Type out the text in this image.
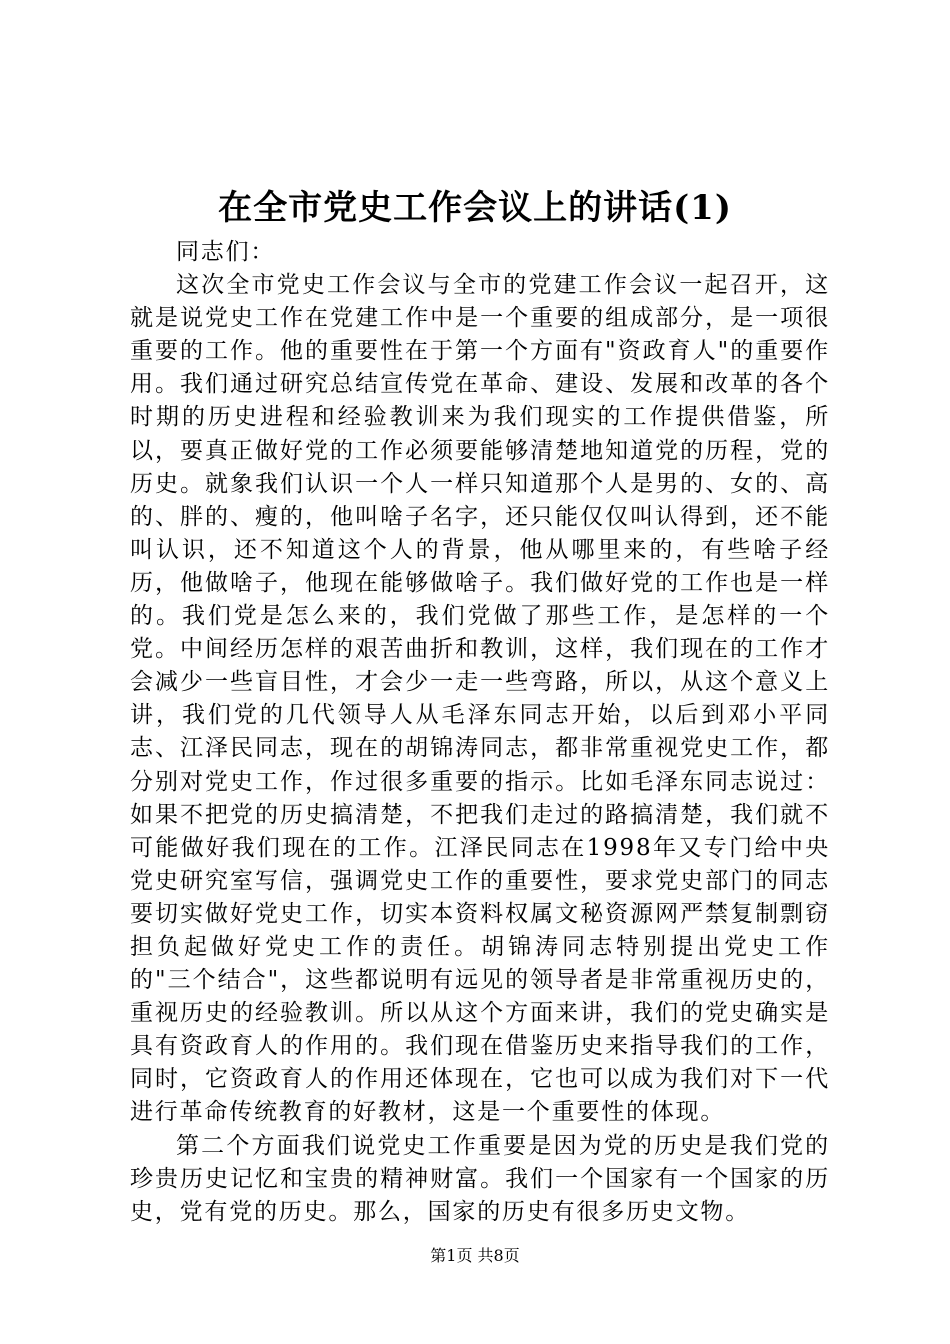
在全市党史工作会议上的讲话(1)

同志们：

这次全市党史工作会议与全市的党建工作会议一起召开，这就是说党史工作在党建工作中是一个重要的组成部分，是一项很重要的工作。他的重要性在于第一个方面有"资政育人"的重要作用。我们通过研究总结宣传党在革命、建设、发展和改革的各个时期的历史进程和经验教训来为我们现实的工作提供借鉴，所以，要真正做好党的工作必须要能够清楚地知道党的历程，党的历史。就象我们认识一个人一样只知道那个人是男的、女的、高的、胖的、瘦的，他叫啥子名字，还只能仅仅叫认得到，还不能叫认识，还不知道这个人的背景，他从哪里来的，有些啥子经历，他做啥子，他现在能够做啥子。我们做好党的工作也是一样的。我们党是怎么来的，我们党做了那些工作，是怎样的一个党。中间经历怎样的艰苦曲折和教训，这样，我们现在的工作才会减少一些盲目性，才会少一走一些弯路，所以，从这个意义上讲，我们党的几代领导人从毛泽东同志开始，以后到邓小平同志、江泽民同志，现在的胡锦涛同志，都非常重视党史工作，都分别对党史工作，作过很多重要的指示。比如毛泽东同志说过：如果不把党的历史搞清楚，不把我们走过的路搞清楚，我们就不可能做好我们现在的工作。江泽民同志在1998年又专门给中央党史研究室写信，强调党史工作的重要性，要求党史部门的同志要切实做好党史工作，切实本资料权属文秘资源网严禁复制剽窃担负起做好党史工作的责任。胡锦涛同志特别提出党史工作的"三个结合"，这些都说明有远见的领导者是非常重视历史的，重视历史的经验教训。所以从这个方面来讲，我们的党史确实是具有资政育人的作用的。我们现在借鉴历史来指导我们的工作，同时，它资政育人的作用还体现在，它也可以成为我们对下一代进行革命传统教育的好教材，这是一个重要性的体现。

第二个方面我们说党史工作重要是因为党的历史是我们党的珍贵历史记忆和宝贵的精神财富。我们一个国家有一个国家的历史，党有党的历史。那么，国家的历史有很多历史文物。

第1页 共8页
